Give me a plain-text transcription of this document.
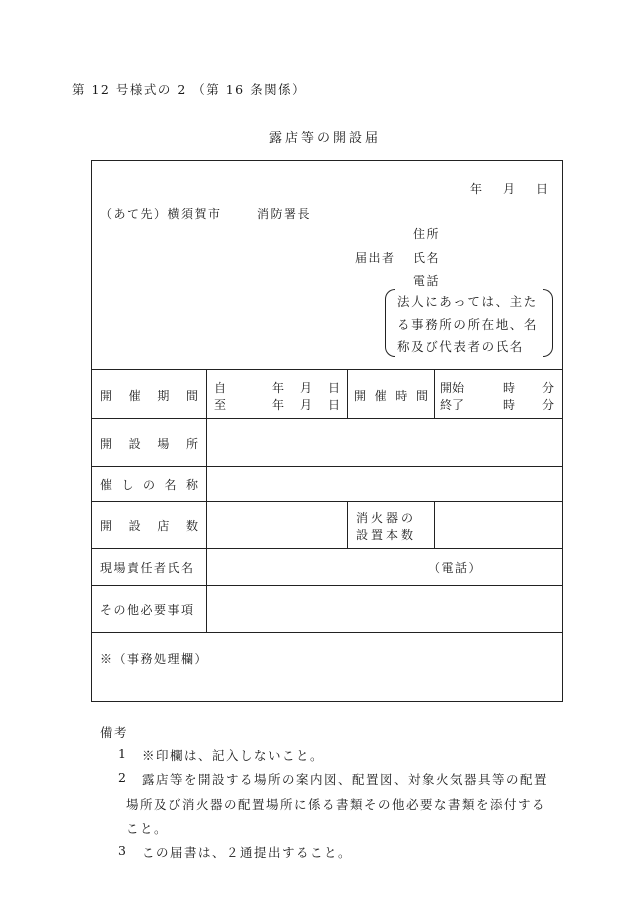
第 12 号様式の 2 （第 16 条関係）
露店等の開設届
年 月 日
（あて先）横須賀市	消防署長
住所
届出者 氏名
電話
法人にあっては、主た
る事務所の所在地、名
称及び代表者の氏名
開 催 期 間
自
至
年 月 日
年 月 日
開 催 時 間
開始
終了
時 分
時 分
開 設 場 所
催 し の 名 称
開 設 店 数
消火器の
設置本数
現場責任者氏名	（電話）
その他必要事項
※（事務処理欄）
備考
1 ※印欄は、記入しないこと。
2 露店等を開設する場所の案内図、配置図、対象火気器具等の配置
場所及び消火器の配置場所に係る書類その他必要な書類を添付する
こと。
3 この届書は、２通提出すること。
